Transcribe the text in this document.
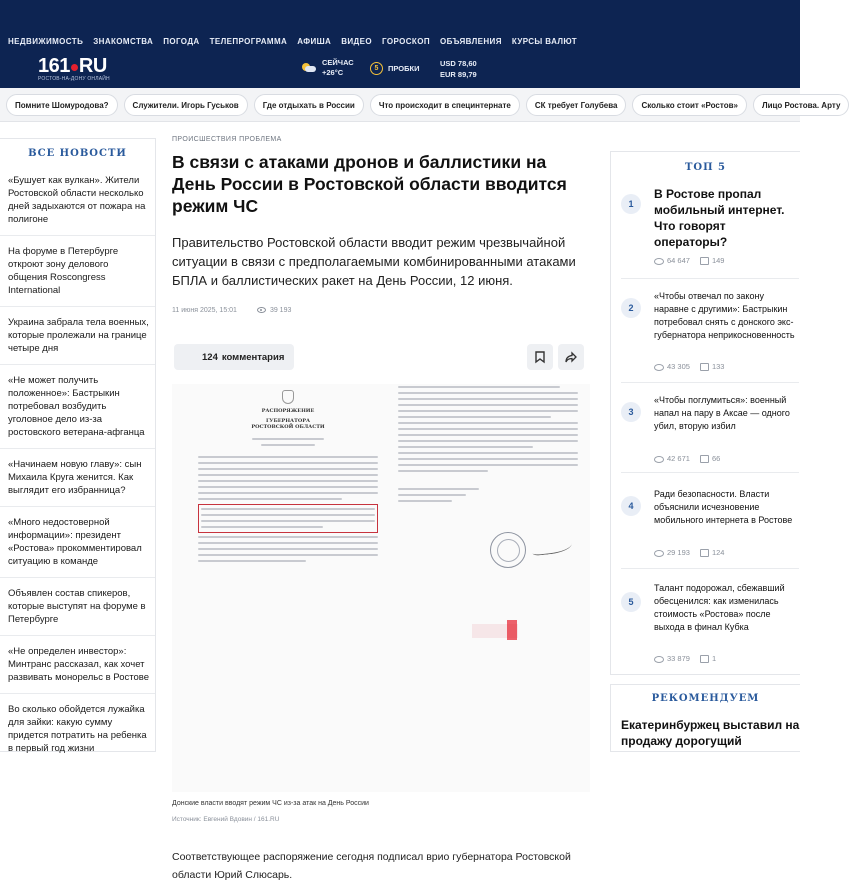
НЕДВИЖИМОСТЬ ЗНАКОМСТВА ПОГОДА ТЕЛЕПРОГРАММА АФИША ВИДЕО ГОРОСКОП ОБЪЯВЛЕНИЯ КУРСЫ ВАЛЮТ
161 RU
РОСТОВ-НА-ДОНУ ОНЛАЙН
СЕЙЧАС
+26°C	5	ПРОБКИ
USD 78,60
EUR 89,79
Помните Шомуродова?	Служители. Игорь Гуськов	Где отдыхать в России	Что происходит в специнтернате	СК требует Голубева	Сколько стоит «Ростов»	Лицо Ростова. Арту
ВСЕ НОВОСТИ
«Бушует как вулкан». Жители Ростовской области несколько дней задыхаются от пожара на полигоне
На форуме в Петербурге откроют зону делового общения Roscongress International
Украина забрала тела военных, которые пролежали на границе четыре дня
«Не может получить положенное»: Бастрыкин потребовал возбудить уголовное дело из-за ростовского ветерана-афганца
«Начинаем новую главу»: сын Михаила Круга женится. Как выглядит его избранница?
«Много недостоверной информации»: президент «Ростова» прокомментировал ситуацию в команде
Объявлен состав спикеров, которые выступят на форуме в Петербурге
«Не определен инвестор»: Минтранс рассказал, как хочет развивать монорельс в Ростове
Во сколько обойдется лужайка для зайки: какую сумму придется потратить на ребенка в первый год жизни
ПРОИСШЕСТВИЯ ПРОБЛЕМА
В связи с атаками дронов и баллистики на День России в Ростовской области вводится режим ЧС

Правительство Ростовской области вводит режим чрезвычайной ситуации в связи с предполагаемыми комбинированными атаками БПЛА и баллистических ракет на День России, 12 июня.

11 июня 2025, 15:01	39 193
124 комментария
РАСПОРЯЖЕНИЕ
ГУБЕРНАТОРА
РОСТОВСКОЙ ОБЛАСТИ
Донские власти вводят режим ЧС из-за атак на День России
Источник: Евгений Вдовин / 161.RU

Соответствующее распоряжение сегодня подписал врио губернатора Ростовской области Юрий Слюсарь.

ТОП 5
1
В Ростове пропал мобильный интернет. Что говорят операторы?
64 647	149
2
«Чтобы отвечал по закону наравне с другими»: Бастрыкин потребовал снять с донского экс-губернатора неприкосновенность
43 305	133
3
«Чтобы поглумиться»: военный напал на пару в Аксае — одного убил, вторую избил
42 671	66
4
Ради безопасности. Власти объяснили исчезновение мобильного интернета в Ростове
29 193	124
5
Талант подорожал, сбежавший обесценился: как изменилась стоимость «Ростова» после выхода в финал Кубка
33 879	1
РЕКОМЕНДУЕМ
Екатеринбуржец выставил на продажу дорогущий
